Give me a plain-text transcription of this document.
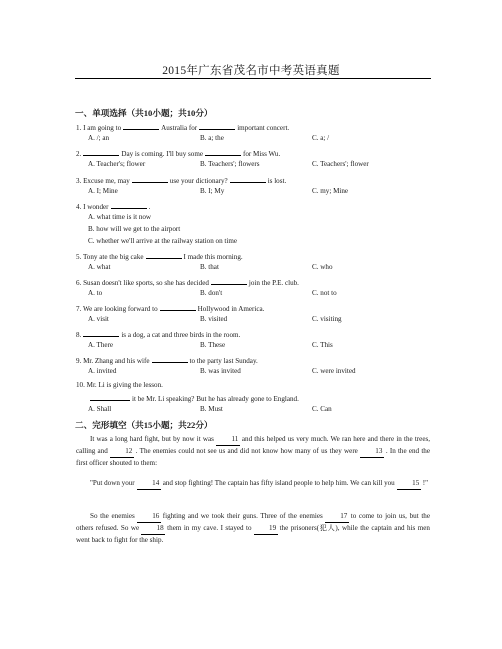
2015年广东省茂名市中考英语真题
一、单项选择（共10小题；共10分）
1. I am going to	Australia for	important concert.
A. /; an	B. a; the	C. a; /
2.	Day is coming. I'll buy some	for Miss Wu.
A. Teacher's; flower	B. Teachers'; flowers	C. Teachers'; flower
3. Excuse me, may	use your dictionary?	is lost.
A. I; Mine	B. I; My	C. my; Mine
4. I wonder	.
A. what time is it now
B. how will we get to the airport
C. whether we'll arrive at the railway station on time
5. Tony ate the big cake	I made this morning.
A. what	B. that	C. who
6. Susan doesn't like sports, so she has decided	join the P.E. club.
A. to	B. don't	C. not to
7. We are looking forward to	Hollywood in America.
A. visit	B. visited	C. visiting
8.	is a dog, a cat and three birds in the room.
A. There	B. These	C. This
9. Mr. Zhang and his wife	to the party last Sunday.
A. invited	B. was invited	C. were invited
10. Mr. Li is giving the lesson.
it be Mr. Li speaking? But he has already gone to England.
A. Shall	B. Must	C. Can
二、完形填空（共15小题；共22分）
It was a long hard fight, but by now it was 11 and this helped us very much. We ran here and there in the trees, calling and 12 . The enemies could not see us and did not know how many of us they were 13 . In the end the first officer shouted to them:
"Put down your 14 and stop fighting! The captain has fifty island people to help him. We can kill you 15 !"
So the enemies 16 fighting and we took their guns. Three of the enemies 17 to come to join us, but the others refused. So we 18 them in my cave. I stayed to 19 the prisoners(犯人), while the captain and his men went back to fight for the ship.
